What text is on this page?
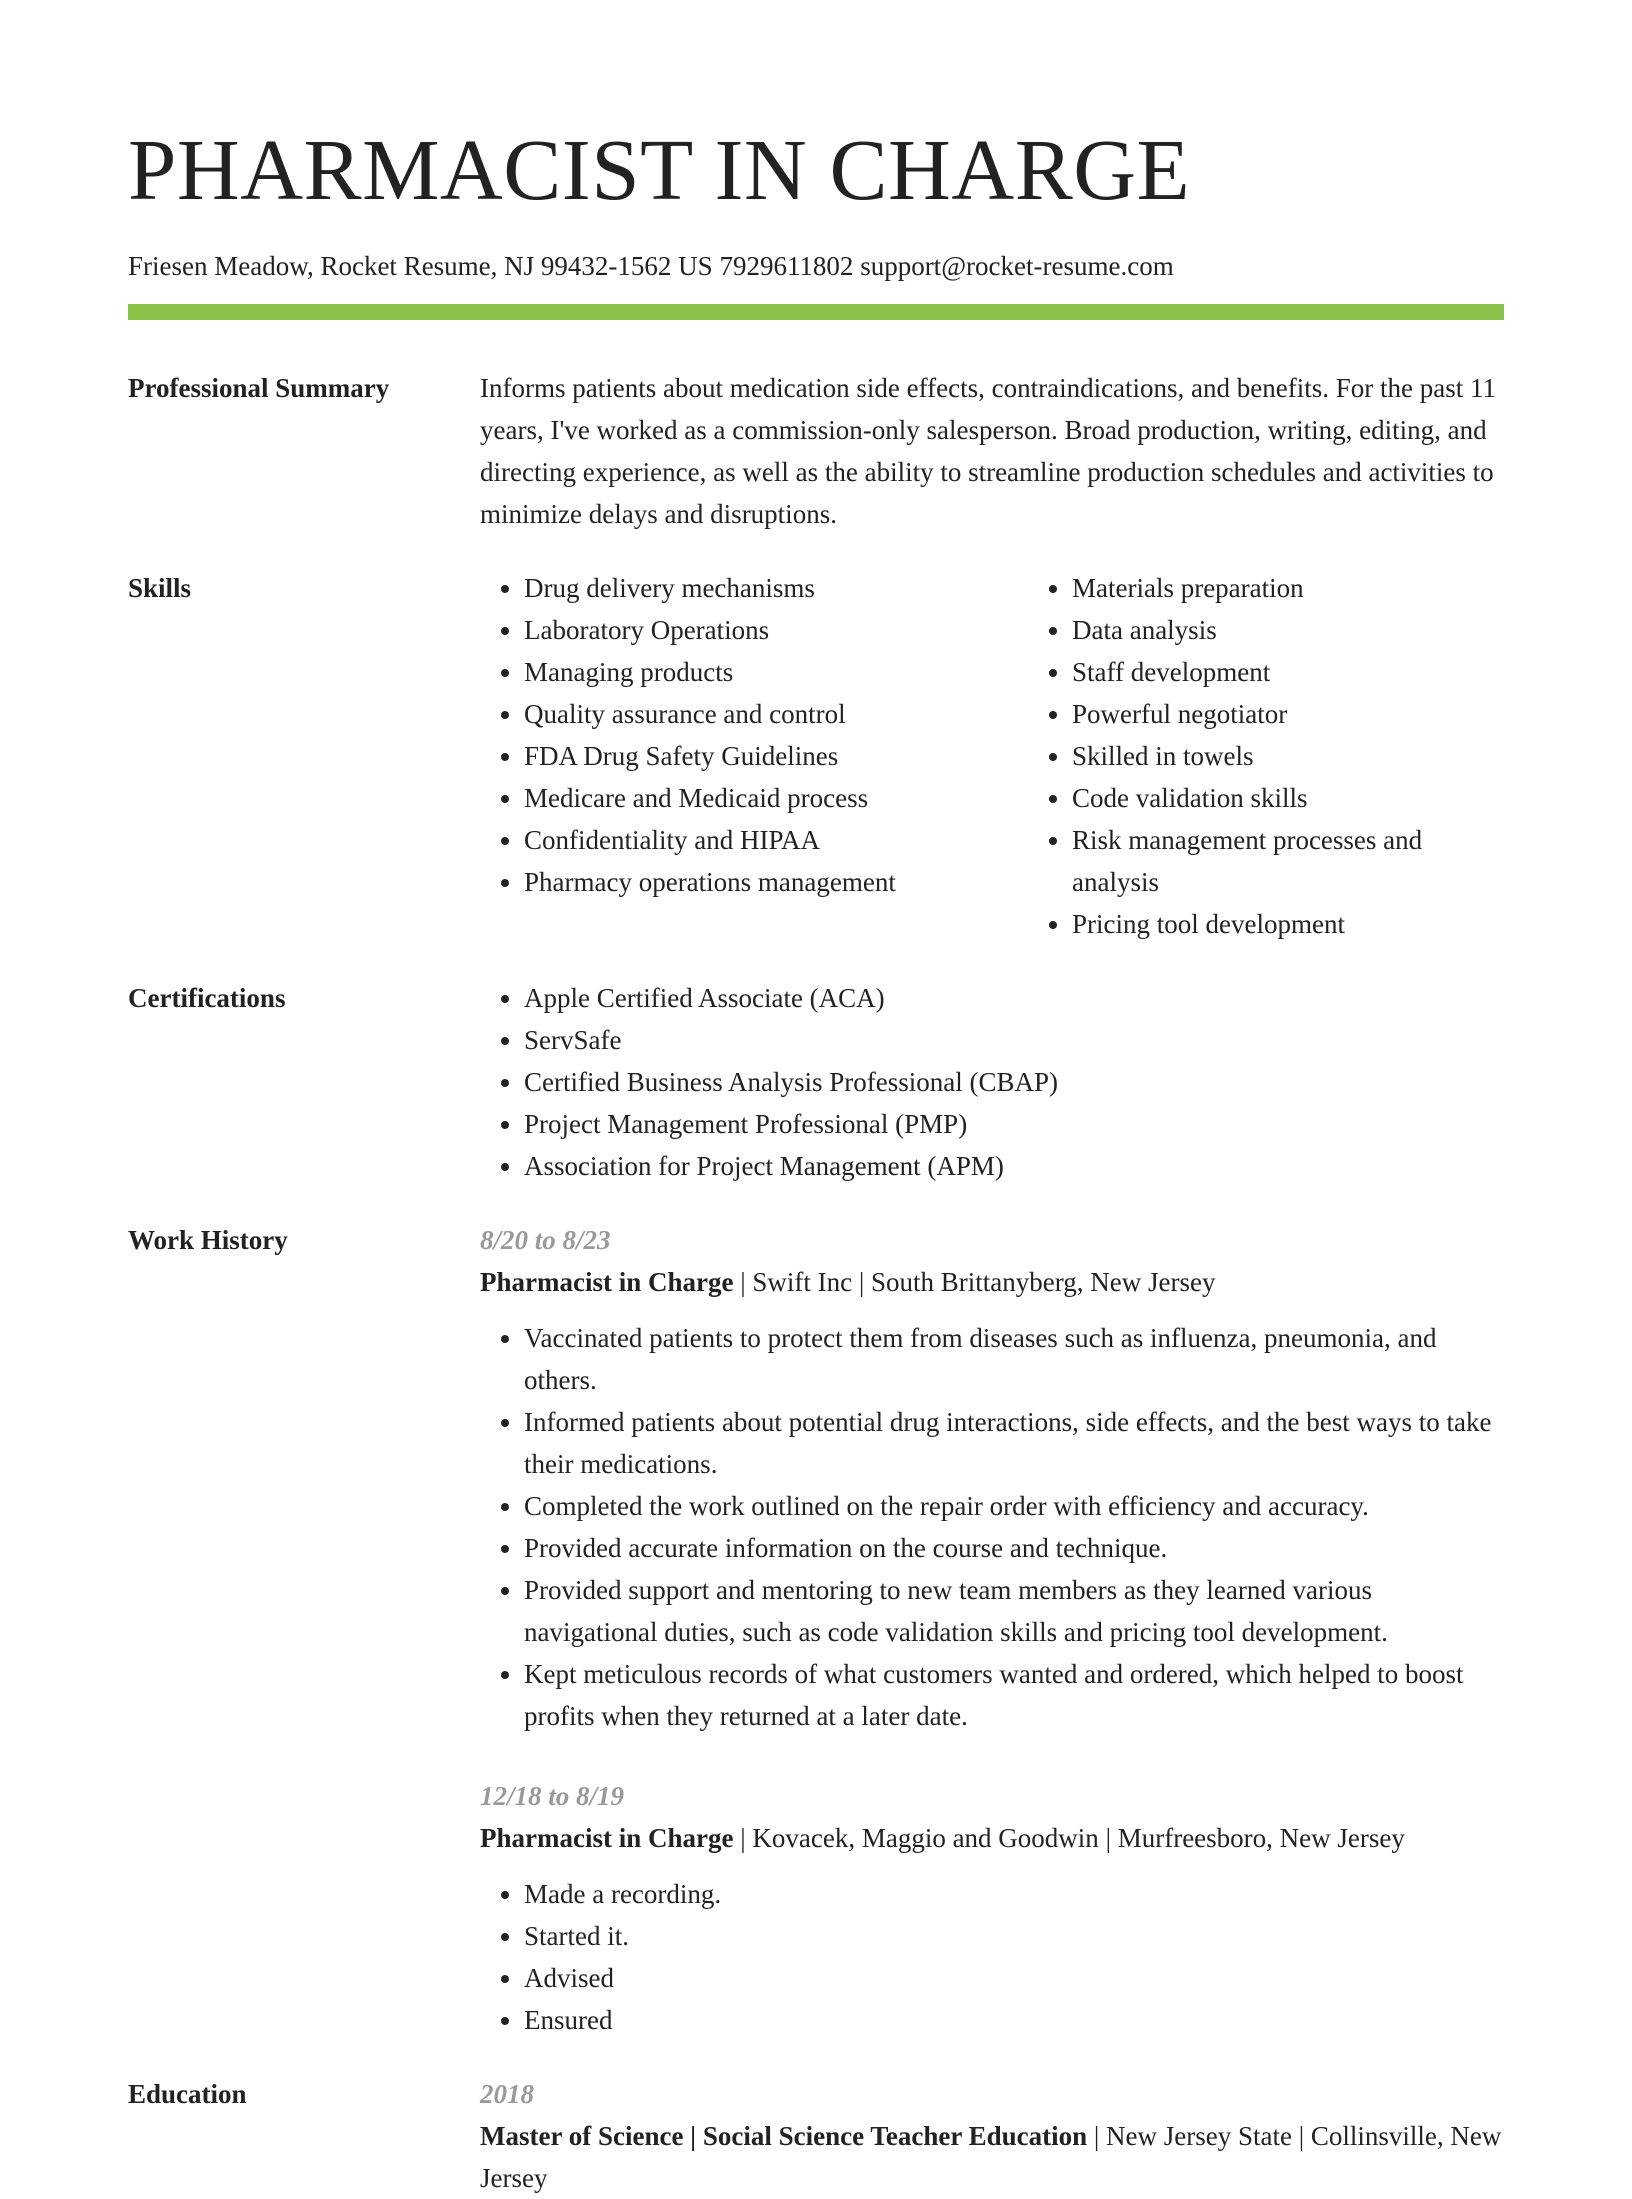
PHARMACIST IN CHARGE
Friesen Meadow, Rocket Resume, NJ 99432-1562 US 7929611802 support@rocket-resume.com
Professional Summary	Informs patients about medication side effects, contraindications, and benefits. For the past 11 years, I've worked as a commission-only salesperson. Broad production, writing, editing, and directing experience, as well as the ability to streamline production schedules and activities to minimize delays and disruptions.

Skills	• Drug delivery mechanisms
• Laboratory Operations
• Managing products
• Quality assurance and control
• FDA Drug Safety Guidelines
• Medicare and Medicaid process
• Confidentiality and HIPAA
• Pharmacy operations management
• Materials preparation
• Data analysis
• Staff development
• Powerful negotiator
• Skilled in towels
• Code validation skills
• Risk management processes and analysis
• Pricing tool development
Certifications	• Apple Certified Associate (ACA)
• ServSafe
• Certified Business Analysis Professional (CBAP)
• Project Management Professional (PMP)
• Association for Project Management (APM)
Work History	8/20 to 8/23
Pharmacist in Charge | Swift Inc | South Brittanyberg, New Jersey
• Vaccinated patients to protect them from diseases such as influenza, pneumonia, and others.
• Informed patients about potential drug interactions, side effects, and the best ways to take their medications.
• Completed the work outlined on the repair order with efficiency and accuracy.
• Provided accurate information on the course and technique.
• Provided support and mentoring to new team members as they learned various navigational duties, such as code validation skills and pricing tool development.
• Kept meticulous records of what customers wanted and ordered, which helped to boost profits when they returned at a later date.
12/18 to 8/19
Pharmacist in Charge | Kovacek, Maggio and Goodwin | Murfreesboro, New Jersey
• Made a recording.
• Started it.
• Advised
• Ensured
Education	2018
Master of Science | Social Science Teacher Education | New Jersey State| Collinsville, New Jersey
